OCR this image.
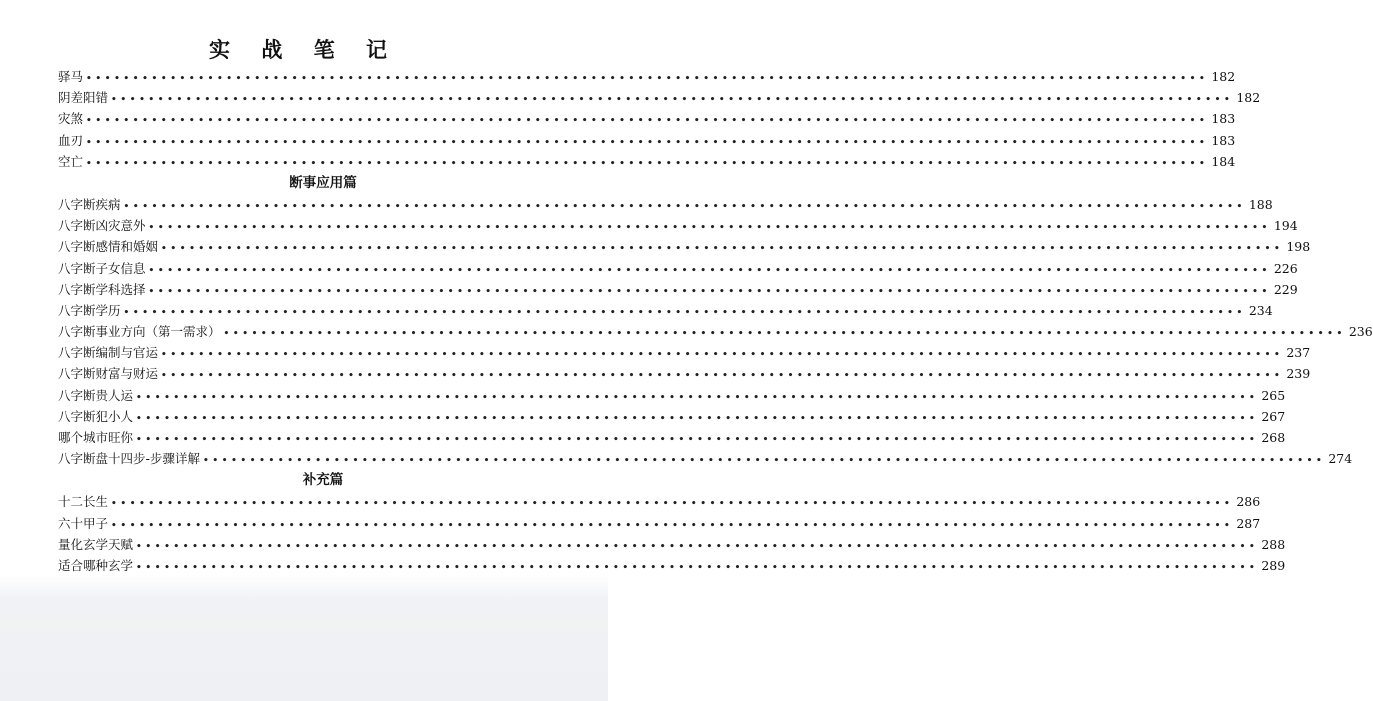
实 战 笔 记
驿马 •••••••••••••••••••••••••••••••••••••••••••••••••••••••••••••••••••••••••••••••••••••••••••••••••••••••••••••••••••••••• 182
阴差阳错 •••••••••••••••••••••••••••••••••••••••••••••••••••••••••••••••••••••••••••••••••••••••••••••••••••••••••••••••••••••••• 182
灾煞 •••••••••••••••••••••••••••••••••••••••••••••••••••••••••••••••••••••••••••••••••••••••••••••••••••••••••••••••••••••••• 183
血刃 •••••••••••••••••••••••••••••••••••••••••••••••••••••••••••••••••••••••••••••••••••••••••••••••••••••••••••••••••••••••• 183
空亡 •••••••••••••••••••••••••••••••••••••••••••••••••••••••••••••••••••••••••••••••••••••••••••••••••••••••••••••••••••••••• 184
断事应用篇
八字断疾病 •••••••••••••••••••••••••••••••••••••••••••••••••••••••••••••••••••••••••••••••••••••••••••••••••••••••••••••••••••••••• 188
八字断凶灾意外 •••••••••••••••••••••••••••••••••••••••••••••••••••••••••••••••••••••••••••••••••••••••••••••••••••••••••••••••••••••••• 194
八字断感情和婚姻 •••••••••••••••••••••••••••••••••••••••••••••••••••••••••••••••••••••••••••••••••••••••••••••••••••••••••••••••••••••••• 198
八字断子女信息 •••••••••••••••••••••••••••••••••••••••••••••••••••••••••••••••••••••••••••••••••••••••••••••••••••••••••••••••••••••••• 226
八字断学科选择 •••••••••••••••••••••••••••••••••••••••••••••••••••••••••••••••••••••••••••••••••••••••••••••••••••••••••••••••••••••••• 229
八字断学历 •••••••••••••••••••••••••••••••••••••••••••••••••••••••••••••••••••••••••••••••••••••••••••••••••••••••••••••••••••••••• 234
八字断事业方向（第一需求） •••••••••••••••••••••••••••••••••••••••••••••••••••••••••••••••••••••••••••••••••••••••••••••••••••••••••••••••••••••••• 236
八字断编制与官运 •••••••••••••••••••••••••••••••••••••••••••••••••••••••••••••••••••••••••••••••••••••••••••••••••••••••••••••••••••••••• 237
八字断财富与财运 •••••••••••••••••••••••••••••••••••••••••••••••••••••••••••••••••••••••••••••••••••••••••••••••••••••••••••••••••••••••• 239
八字断贵人运 •••••••••••••••••••••••••••••••••••••••••••••••••••••••••••••••••••••••••••••••••••••••••••••••••••••••••••••••••••••••• 265
八字断犯小人 •••••••••••••••••••••••••••••••••••••••••••••••••••••••••••••••••••••••••••••••••••••••••••••••••••••••••••••••••••••••• 267
哪个城市旺你 •••••••••••••••••••••••••••••••••••••••••••••••••••••••••••••••••••••••••••••••••••••••••••••••••••••••••••••••••••••••• 268
八字断盘十四步-步骤详解 •••••••••••••••••••••••••••••••••••••••••••••••••••••••••••••••••••••••••••••••••••••••••••••••••••••••••••••••••••••••• 274
补充篇
十二长生 •••••••••••••••••••••••••••••••••••••••••••••••••••••••••••••••••••••••••••••••••••••••••••••••••••••••••••••••••••••••• 286
六十甲子 •••••••••••••••••••••••••••••••••••••••••••••••••••••••••••••••••••••••••••••••••••••••••••••••••••••••••••••••••••••••• 287
量化玄学天赋 •••••••••••••••••••••••••••••••••••••••••••••••••••••••••••••••••••••••••••••••••••••••••••••••••••••••••••••••••••••••• 288
适合哪种玄学 •••••••••••••••••••••••••••••••••••••••••••••••••••••••••••••••••••••••••••••••••••••••••••••••••••••••••••••••••••••••• 289
